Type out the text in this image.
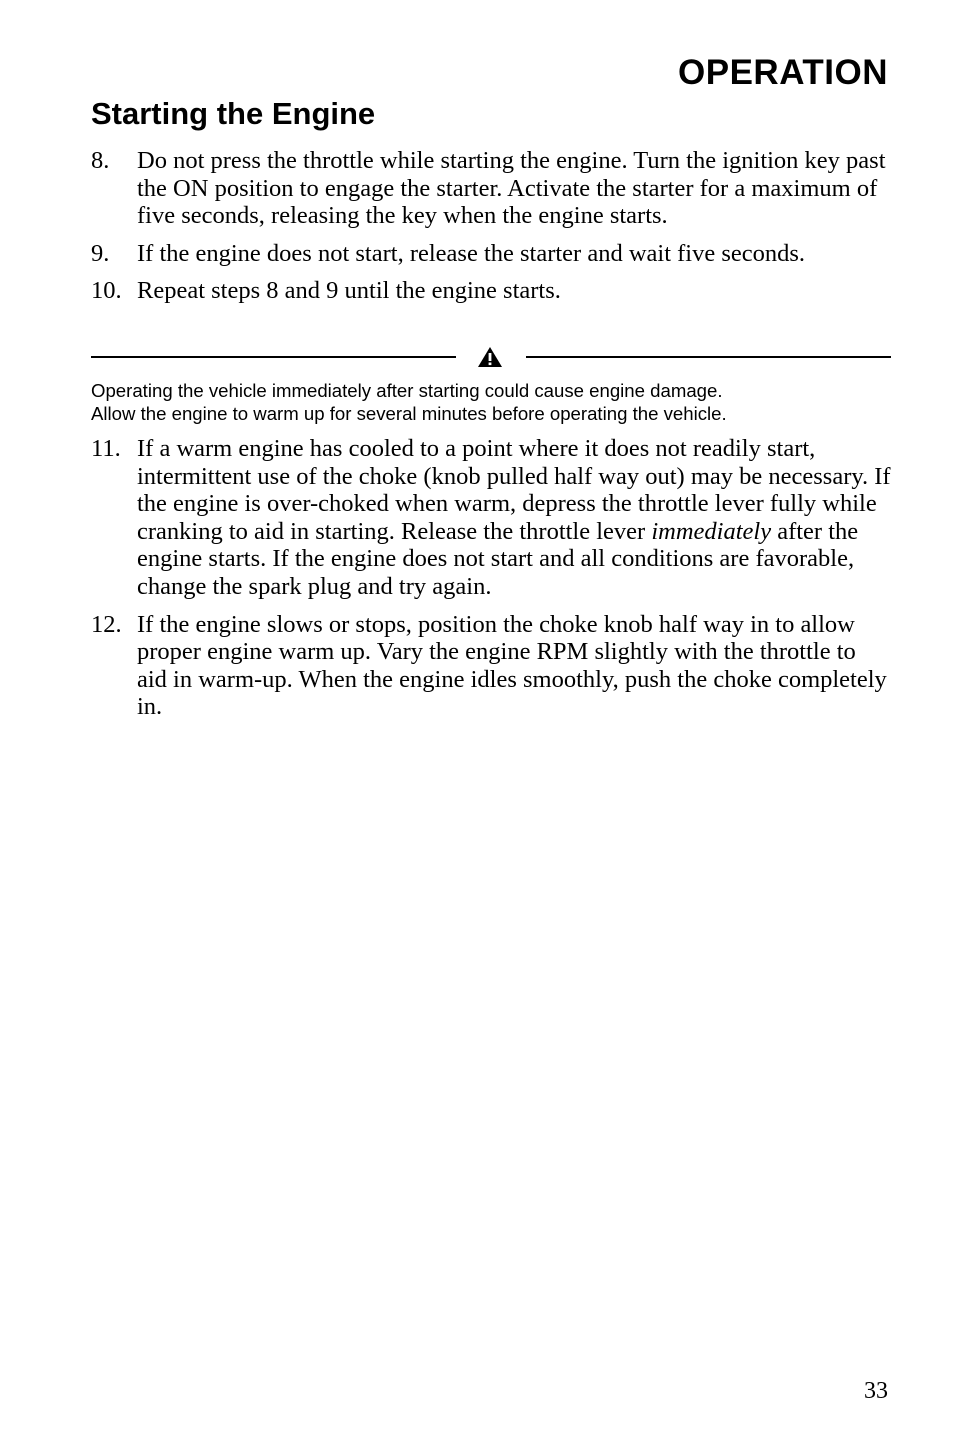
OPERATION
Starting the Engine
8. Do not press the throttle while starting the engine. Turn the ignition key past the ON position to engage the starter. Activate the starter for a maximum of five seconds, releasing the key when the engine starts.
9. If the engine does not start, release the starter and wait five seconds.
10. Repeat steps 8 and 9 until the engine starts.

Operating the vehicle immediately after starting could cause engine damage.

Allow the engine to warm up for several minutes before operating the vehicle.

11. If a warm engine has cooled to a point where it does not readily start, intermittent use of the choke (knob pulled half way out) may be necessary. If the engine is over-choked when warm, depress the throttle lever fully while cranking to aid in starting. Release the throttle lever immediately after the engine starts. If the engine does not start and all conditions are favorable, change the spark plug and try again.
12. If the engine slows or stops, position the choke knob half way in to allow proper engine warm up. Vary the engine RPM slightly with the throttle to aid in warm-up. When the engine idles smoothly, push the choke completely in.
33
